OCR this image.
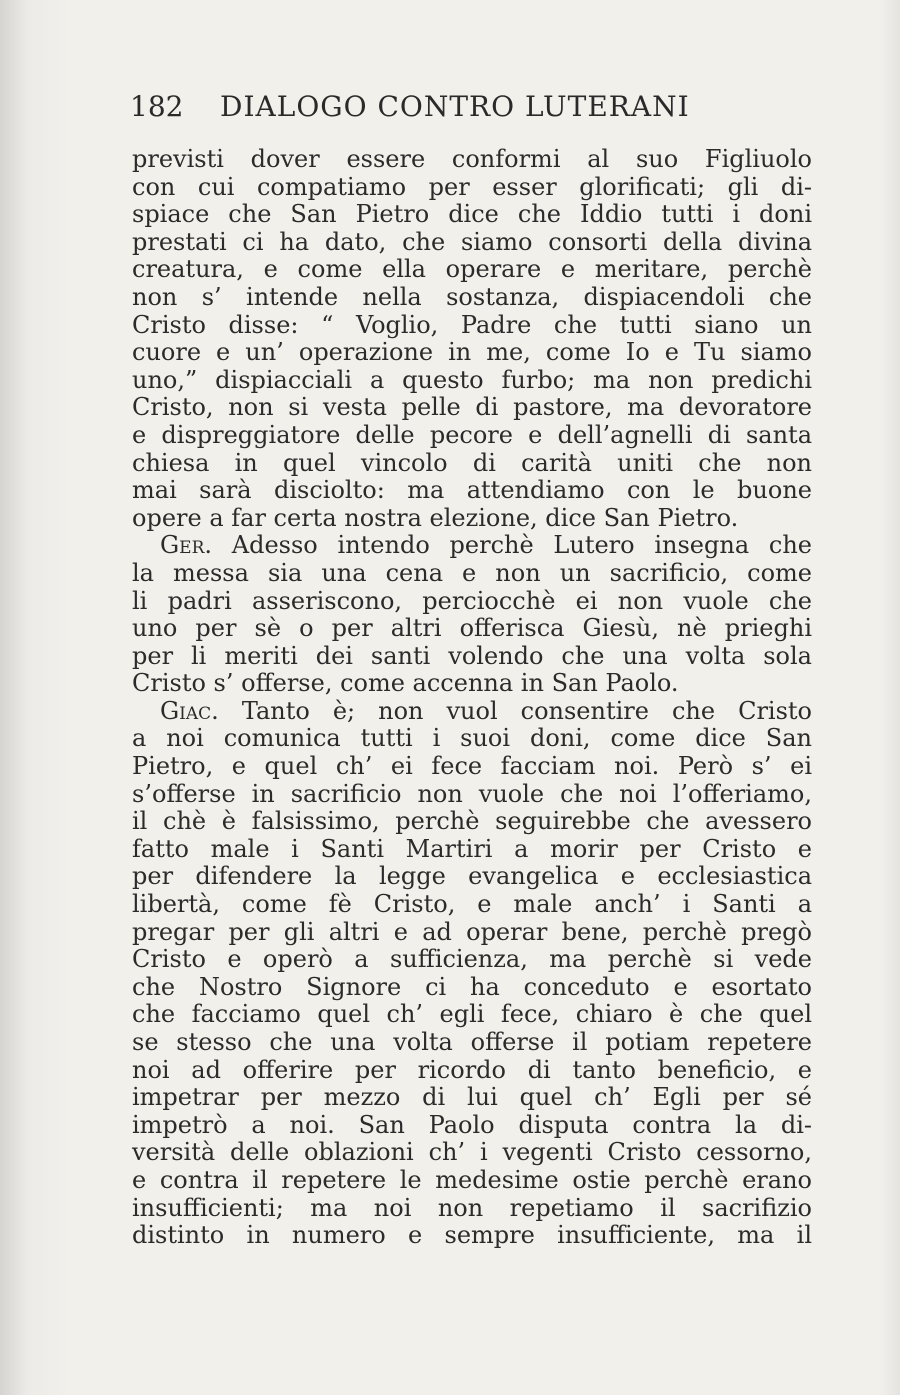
182 DIALOGO CONTRO LUTERANI
previsti dover essere conformi al suo Figliuolo
con cui compatiamo per esser glorificati; gli di-
spiace che San Pietro dice che Iddio tutti i doni
prestati ci ha dato, che siamo consorti della divina
creatura, e come ella operare e meritare, perchè
non s’ intende nella sostanza, dispiacendoli che
Cristo disse: “ Voglio, Padre che tutti siano un
cuore e un’ operazione in me, come Io e Tu siamo
uno,” dispiacciali a questo furbo; ma non predichi
Cristo, non si vesta pelle di pastore, ma devoratore
e dispreggiatore delle pecore e dell’agnelli di santa
chiesa in quel vincolo di carità uniti che non
mai sarà disciolto: ma attendiamo con le buone
opere a far certa nostra elezione, dice San Pietro.
Ger. Adesso intendo perchè Lutero insegna che
la messa sia una cena e non un sacrificio, come
li padri asseriscono, perciocchè ei non vuole che
uno per sè o per altri offerisca Giesù, nè prieghi
per li meriti dei santi volendo che una volta sola
Cristo s’ offerse, come accenna in San Paolo.
Giac. Tanto è; non vuol consentire che Cristo
a noi comunica tutti i suoi doni, come dice San
Pietro, e quel ch’ ei fece facciam noi. Però s’ ei
s’offerse in sacrificio non vuole che noi l’offeriamo,
il chè è falsissimo, perchè seguirebbe che avessero
fatto male i Santi Martiri a morir per Cristo e
per difendere la legge evangelica e ecclesiastica
libertà, come fè Cristo, e male anch’ i Santi a
pregar per gli altri e ad operar bene, perchè pregò
Cristo e operò a sufficienza, ma perchè si vede
che Nostro Signore ci ha conceduto e esortato
che facciamo quel ch’ egli fece, chiaro è che quel
se stesso che una volta offerse il potiam repetere
noi ad offerire per ricordo di tanto beneficio, e
impetrar per mezzo di lui quel ch’ Egli per sé
impetrò a noi. San Paolo disputa contra la di-
versità delle oblazioni ch’ i vegenti Cristo cessorno,
e contra il repetere le medesime ostie perchè erano
insufficienti; ma noi non repetiamo il sacrifizio
distinto in numero e sempre insufficiente, ma il
